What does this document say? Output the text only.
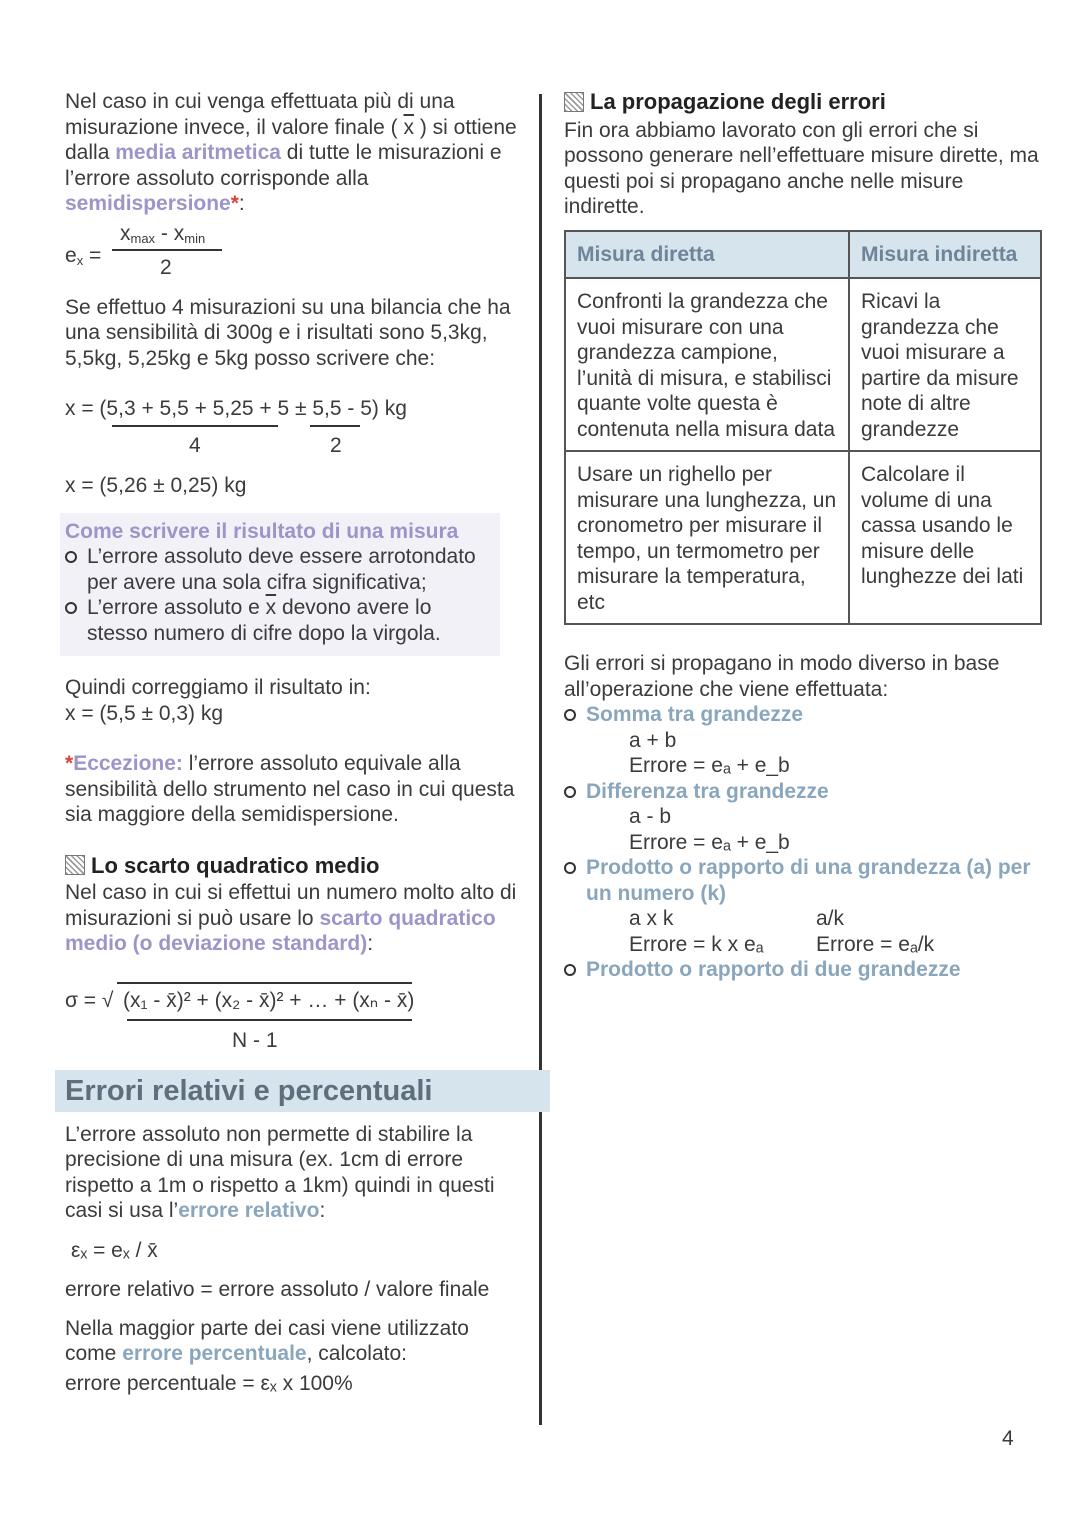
Nel caso in cui venga effettuata più di una misurazione invece, il valore finale ( $\overline{x}$ ) si ottiene dalla media aritmetica di tutte le misurazioni e l’errore assoluto corrisponde alla semidispersione*:

$e_x$ =
$x_{max} - x_{min}$
2

Se effettuo 4 misurazioni su una bilancia che ha una sensibilità di 300g e i risultati sono 5,3kg, 5,5kg, 5,25kg e 5kg posso scrivere che:

x = (5,3 + 5,5 + 5,25 + 5 ± 5,5 - 5) kg
4	2

x = (5,26 ± 0,25) kg

Come scrivere il risultato di una misura
L’errore assoluto deve essere arrotondato per avere una sola cifra significativa;
L’errore assoluto e $\overline{x}$ devono avere lo stesso numero di cifre dopo la virgola.

Quindi correggiamo il risultato in:

x = (5,5 ± 0,3) kg

*Eccezione: l’errore assoluto equivale alla sensibilità dello strumento nel caso in cui questa sia maggiore della semidispersione.

Lo scarto quadratico medio

Nel caso in cui si effettui un numero molto alto di misurazioni si può usare lo scarto quadratico medio (o deviazione standard):

σ = √ (x₁ - x̄)² + (x₂ - x̄)² + … + (xₙ - x̄)
N - 1
Errori relativi e percentuali

L’errore assoluto non permette di stabilire la precisione di una misura (ex. 1cm di errore rispetto a 1m o rispetto a 1km) quindi in questi casi si usa l’errore relativo:

εₓ = eₓ / x̄

errore relativo = errore assoluto / valore finale

Nella maggior parte dei casi viene utilizzato come errore percentuale, calcolato:

errore percentuale = εₓ x 100%

La propagazione degli errori

Fin ora abbiamo lavorato con gli errori che si possono generare nell’effettuare misure dirette, ma questi poi si propagano anche nelle misure indirette.

Misura diretta	Misura indiretta
Confronti la grandezza che vuoi misurare con una grandezza campione, l’unità di misura, e stabilisci quante volte questa è contenuta nella misura data	Ricavi la grandezza che vuoi misurare a partire da misure note di altre grandezze
Usare un righello per misurare una lunghezza, un cronometro per misurare il tempo, un termometro per misurare la temperatura, etc	Calcolare il volume di una cassa usando le misure delle lunghezze dei lati

Gli errori si propagano in modo diverso in base all’operazione che viene effettuata:

Somma tra grandezze

a + b

Errore = eₐ + e_b

Differenza tra grandezze

a - b

Errore = eₐ + e_b

Prodotto o rapporto di una grandezza (a) per un numero (k)
a x k	a/k
Errore = k x eₐ	Errore = eₐ/k
Prodotto o rapporto di due grandezze
4
